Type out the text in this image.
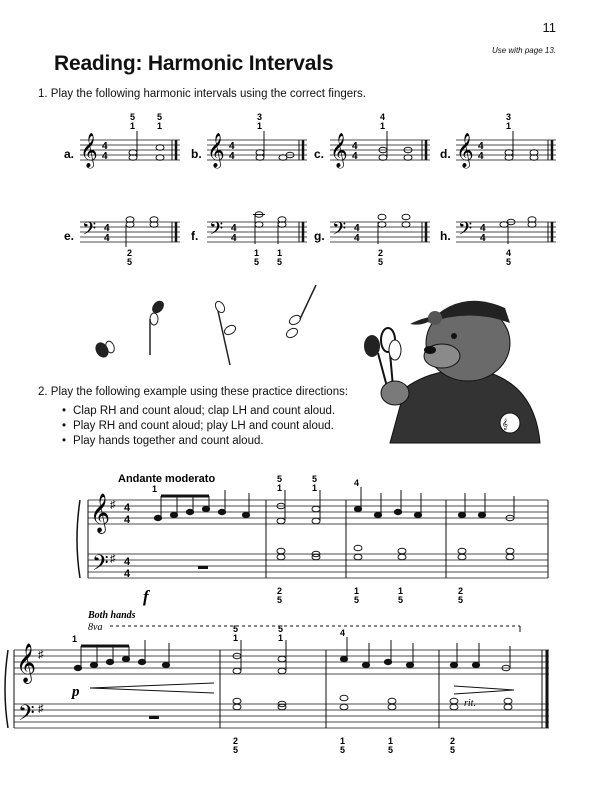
11
Use with page 13.
Reading: Harmonic Intervals
1. Play the following harmonic intervals using the correct fingers.
a. 𝄞 4
4
5
1
5
1
b. 𝄞 4
4
3
1
c. 𝄞 4
4
4
1
d. 𝄞 4
4
3
1
e. 𝄢 4
4
2
5
f. 𝄢 4
4
1
5
1
5
g. 𝄢 4
4
2
5
h. 𝄢 4
4
4
5
𝄞
2. Play the following example using these practice directions:
• Clap RH and count aloud; clap LH and count aloud.
• Play RH and count aloud; play LH and count aloud.
• Play hands together and count aloud.
Andante moderato
𝄞
𝄢
♯
♯
4
4
4
4
1
f
5
1
5
1
2
5
4
1
5
1
5
2
5
Both hands
8va
𝄞
𝄢
♯
♯
1
p
5
1
5
1
2
5
4
1
5
1
5
rit.
2
5
